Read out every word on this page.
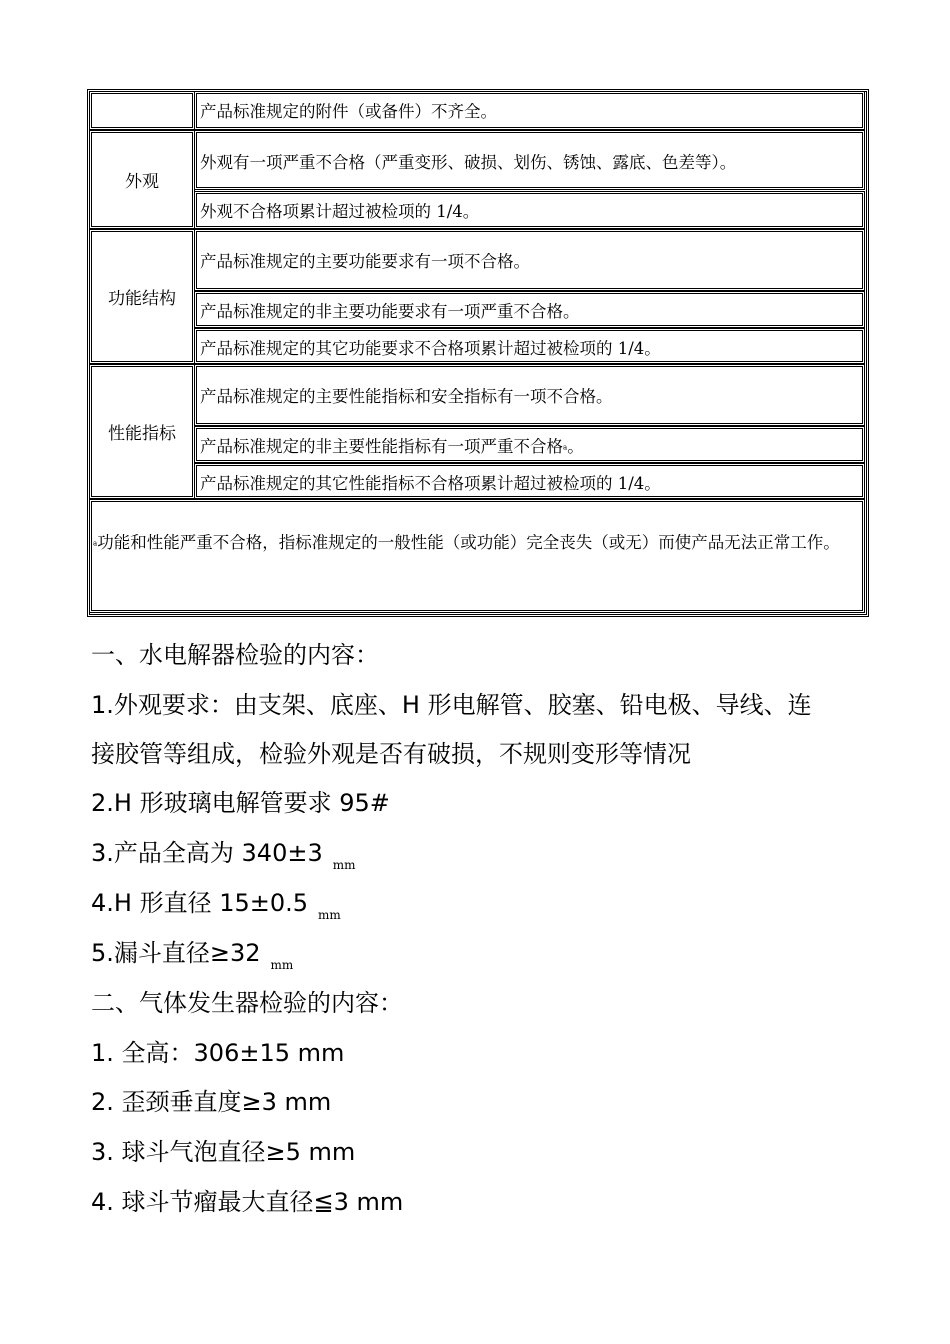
产品标准规定的附件（或备件）不齐全。
外观
外观有一项严重不合格（严重变形、破损、划伤、锈蚀、露底、色差等）。
外观不合格项累计超过被检项的 1/4。
功能结构
产品标准规定的主要功能要求有一项不合格。
产品标准规定的非主要功能要求有一项严重不合格。
产品标准规定的其它功能要求不合格项累计超过被检项的 1/4。
性能指标
产品标准规定的主要性能指标和安全指标有一项不合格。
产品标准规定的非主要性能指标有一项严重不合格a。
产品标准规定的其它性能指标不合格项累计超过被检项的 1/4。
a功能和性能严重不合格，指标准规定的一般性能（或功能）完全丧失（或无）而使产品无法正常工作。
一、水电解器检验的内容：
1.外观要求：由支架、底座、H 形电解管、胶塞、铅电极、导线、连
接胶管等组成，检验外观是否有破损，不规则变形等情况
2.H 形玻璃电解管要求 95#
3.产品全高为 340±3 $_{mm}$
4.H 形直径 15±0.5 $_{mm}$
5.漏斗直径≥32 $_{mm}$
二、气体发生器检验的内容：
1. 全高：306±15 mm
2. 歪颈垂直度≥3 mm
3. 球斗气泡直径≥5 mm
4. 球斗节瘤最大直径≦3 mm
